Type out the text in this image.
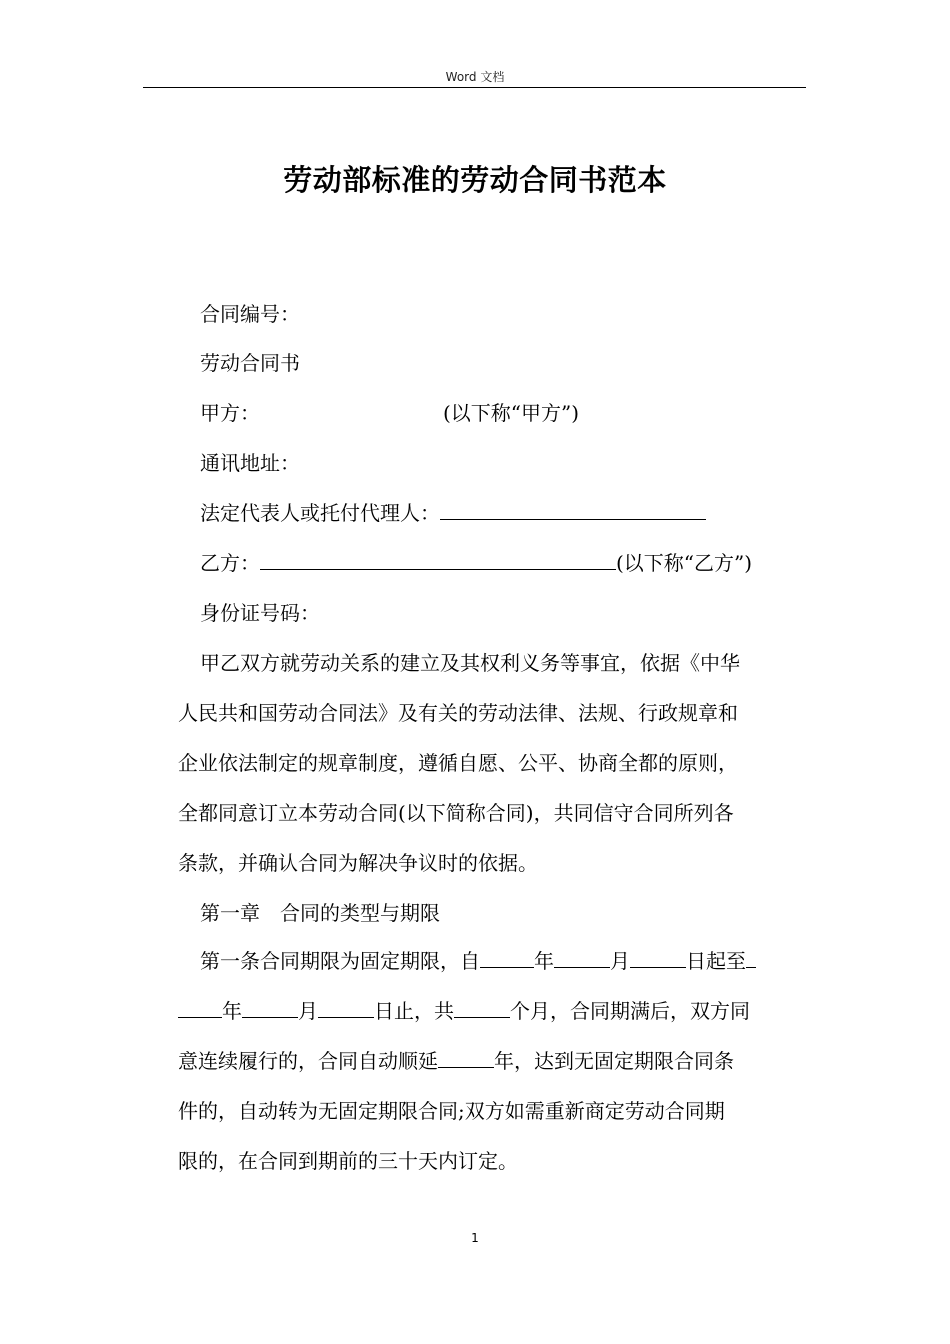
Word 文档
劳动部标准的劳动合同书范本
合同编号：
劳动合同书
甲方：	(以下称“甲方”)
通讯地址：
法定代表人或托付代理人：
乙方：	(以下称“乙方”)
身份证号码：
甲乙双方就劳动关系的建立及其权利义务等事宜，依据《中华
人民共和国劳动合同法》及有关的劳动法律、法规、行政规章和
企业依法制定的规章制度，遵循自愿、公平、协商全都的原则，
全都同意订立本劳动合同(以下简称合同)，共同信守合同所列各
条款，并确认合同为解决争议时的依据。
第一章　合同的类型与期限
第一条合同期限为固定期限，自	年	月	日起至
年	月	日止，共	个月，合同期满后，双方同
意连续履行的，合同自动顺延	年，达到无固定期限合同条
件的，自动转为无固定期限合同;双方如需重新商定劳动合同期
限的，在合同到期前的三十天内订定。
1
